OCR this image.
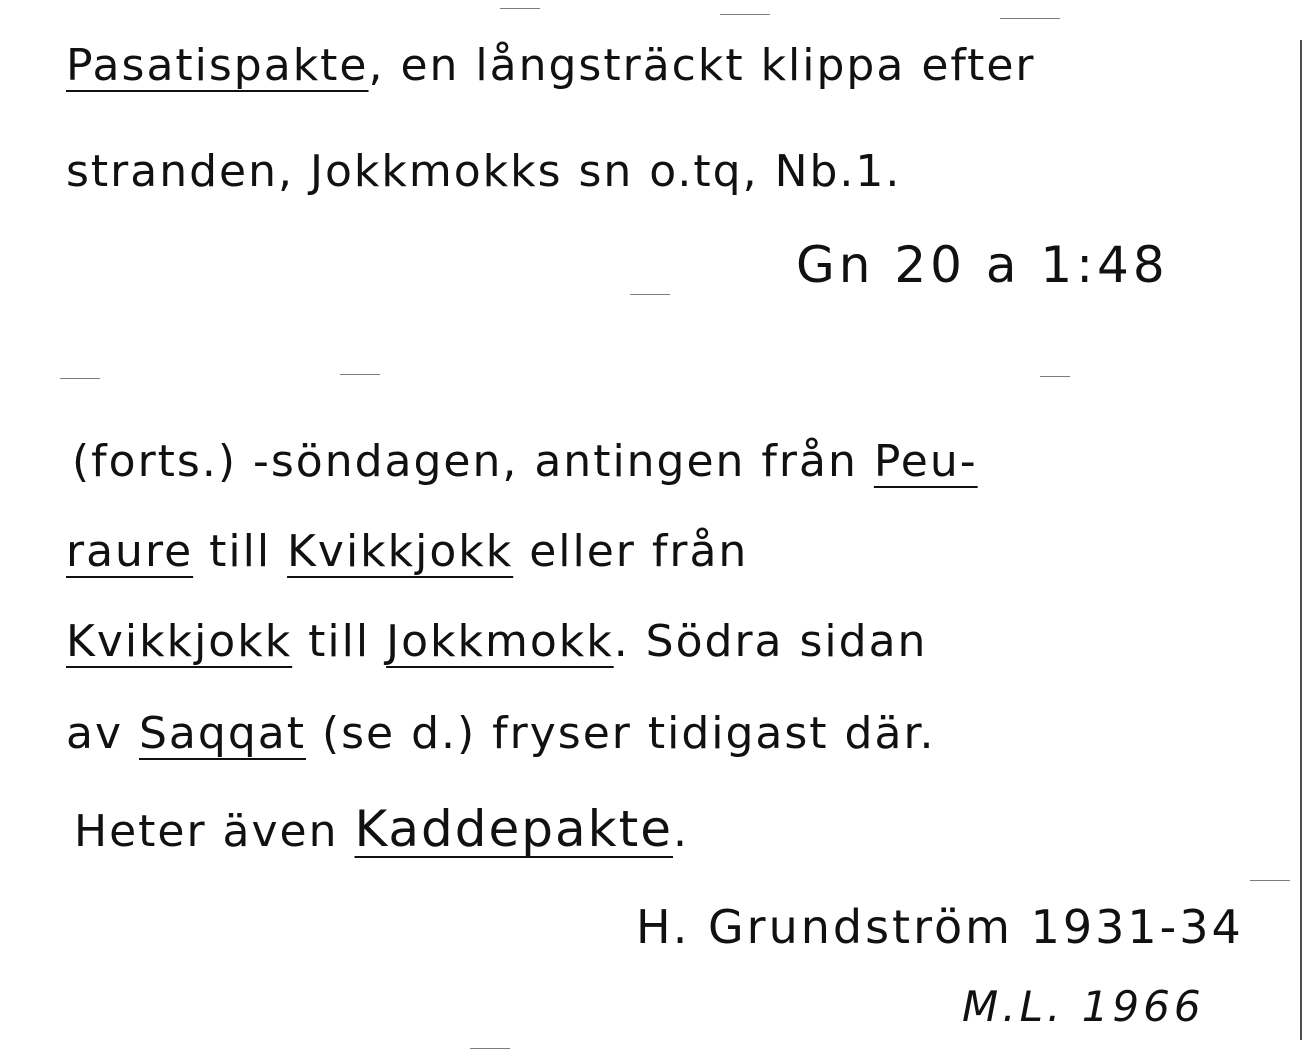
Pasatispakte, en långsträckt klippa efter
stranden, Jokkmokks sn o.tq, Nb.1.
Gn 20 a 1:48
(forts.) -söndagen, antingen från Peu-
raure till Kvikkjokk eller från
Kvikkjokk till Jokkmokk. Södra sidan
av Saqqat (se d.) fryser tidigast där.
Heter även Kaddepakte.
H. Grundström 1931-34
M.L. 1966
